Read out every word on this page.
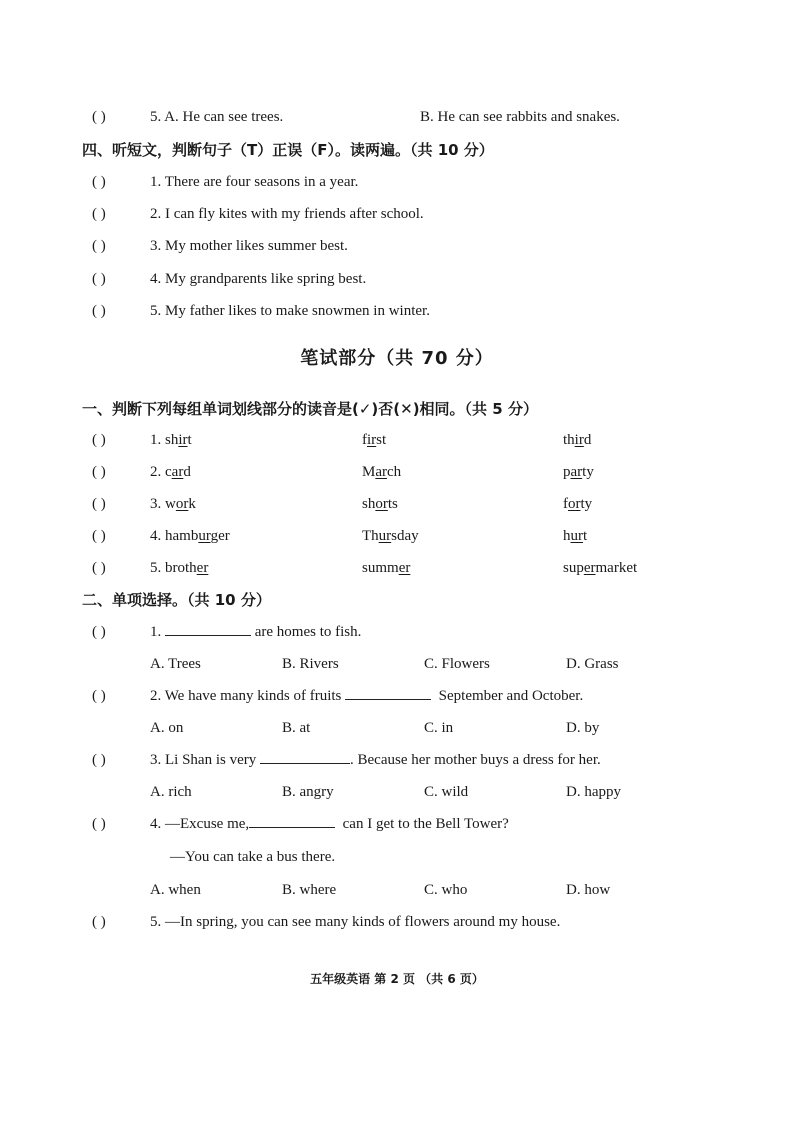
( )	5. A. He can see trees.	B. He can see rabbits and snakes.
四、听短文，判断句子（T）正误（F）。读两遍。（共 10 分）
( )	1. There are four seasons in a year.
( )	2. I can fly kites with my friends after school.
( )	3. My mother likes summer best.
( )	4. My grandparents like spring best.
( )	5. My father likes to make snowmen in winter.
笔试部分（共 70 分）
一、判断下列每组单词划线部分的读音是(✓)否(✕)相同。（共 5 分）
( )	1. shirt	first	third
( )	2. card	March	party
( )	3. work	shorts	forty
( )	4. hamburger	Thursday	hurt
( )	5. brother	summer	supermarket
二、单项选择。（共 10 分）
( )	1.	are homes to fish.
A. Trees	B. Rivers	C. Flowers	D. Grass
( )	2. We have many kinds of fruits	September and October.
A. on	B. at	C. in	D. by
( )	3. Li Shan is very	. Because her mother buys a dress for her.
A. rich	B. angry	C. wild	D. happy
( )	4. —Excuse me,	can I get to the Bell Tower?
—You can take a bus there.
A. when	B. where	C. who	D. how
( )	5. —In spring, you can see many kinds of flowers around my house.
五年级英语 第 2 页 （共 6 页）
